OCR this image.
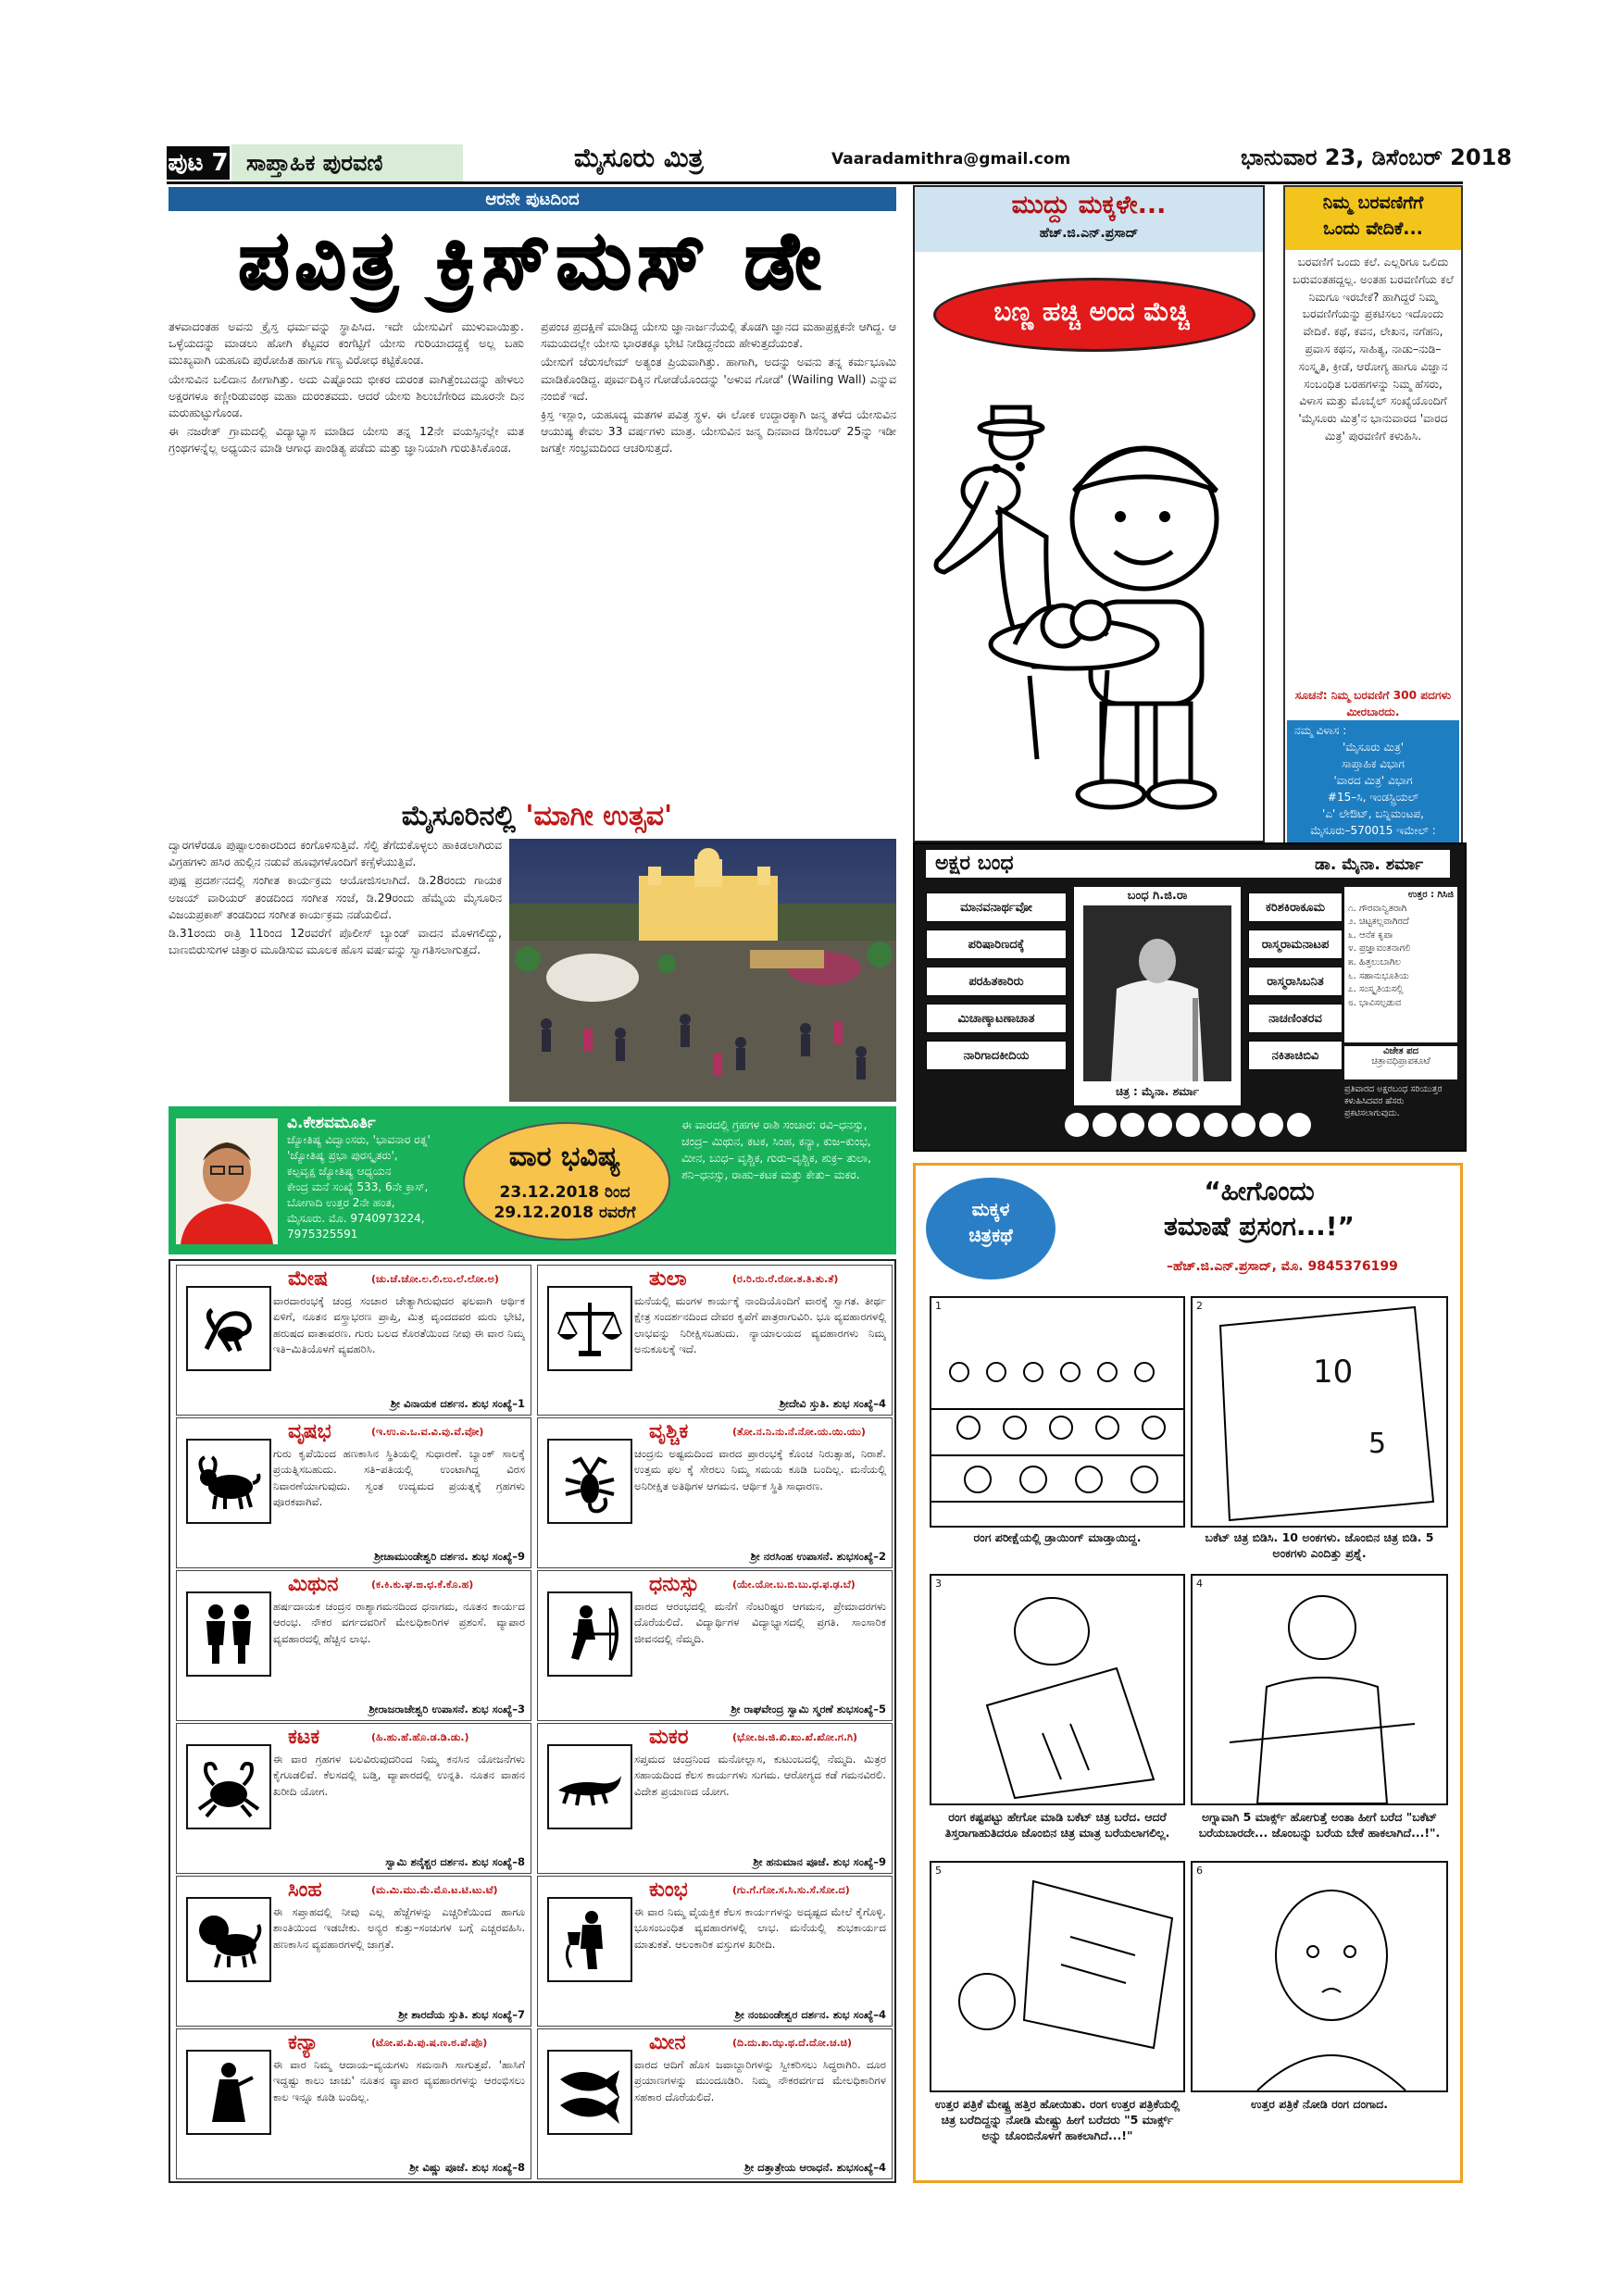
ಪುಟ 7 ಸಾಪ್ತಾಹಿಕ ಪುರವಣಿ	ಮೈಸೂರು ಮಿತ್ರ	Vaaradamithra@gmail.com	ಭಾನುವಾರ 23, ಡಿಸೆಂಬರ್ 2018
ಆರನೇ ಪುಟದಿಂದ
ಪವಿತ್ರ ಕ್ರಿಸ್‌ಮಸ್ ಡೇ

ತಳವಾದಂತಹ ಅವನು ಕ್ರೈಸ್ತ ಧರ್ಮವನ್ನು ಸ್ಥಾಪಿಸಿದ. ಇದೇ ಯೇಸುವಿಗೆ ಮುಳುವಾಯಿತ್ತು. ಒಳ್ಳೆಯದನ್ನು ಮಾಡಲು ಹೋಗಿ ಕೆಟ್ಟವರ ಕಂಗೆಟ್ಟಿಗೆ ಯೇಸು ಗುರಿಯಾದದ್ದಕ್ಕೆ ಅಲ್ಲ ಬಹು ಮುಖ್ಯವಾಗಿ ಯಹೂದಿ ಪುರೋಹಿತ ಹಾಗೂ ಗಣ್ಯ ವಿರೋಧ ಕಟ್ಟಿಕೊಂಡ.

ಯೇಸುವಿನ ಬಲಿದಾನ ಹೀಗಾಗಿತ್ತು. ಅದು ಎಷ್ಟೊಂದು ಭೀಕರ ದುರಂತ ವಾಗಿತ್ತೆಂಬುದನ್ನು ಹೇಳಲು ಅಕ್ಷರಗಳೂ ಕಣ್ಣೀರಿಡುವಂಥ ಮಹಾ ದುರಂತವದು. ಆದರೆ ಯೇಸು ಶಿಲುಬೆಗೇರಿದ ಮೂರನೇ ದಿನ ಮರುಹುಟ್ಟುಗೊಂಡ.

ಈ ನಜರೇತ್ ಗ್ರಾಮದಲ್ಲಿ ವಿದ್ಯಾಭ್ಯಾಸ ಮಾಡಿದ ಯೇಸು ತನ್ನ 12ನೇ ವಯಸ್ಸಿನಲ್ಲೇ ಮತ ಗ್ರಂಥಗಳನ್ನೆಲ್ಲ ಅಧ್ಯಯನ ಮಾಡಿ ಆಗಾಧ ಪಾಂಡಿತ್ಯ ಪಡೆದು ಮತ್ತು ಜ್ಞಾನಿಯಾಗಿ ಗುರುತಿಸಿಕೊಂಡ.

ಪ್ರಪಂಚ ಪ್ರದಕ್ಷಿಣೆ ಮಾಡಿದ್ದ ಯೇಸು ಜ್ಞಾನಾರ್ಜನೆಯಲ್ಲಿ ತೊಡಗಿ ಜ್ಞಾನದ ಮಹಾಪ್ರಕ್ಷಕನೇ ಆಗಿದ್ದ. ಆ ಸಮಯದಲ್ಲೇ ಯೇಸು ಭಾರತಕ್ಕೂ ಭೇಟಿ ನೀಡಿದ್ದನೆಂದು ಹೇಳುತ್ತದೆಯಂತೆ.

ಯೇಸುಗೆ ಜೆರುಸಲೇಮ್ ಅತ್ಯಂತ ಪ್ರಿಯವಾಗಿತ್ತು. ಹಾಗಾಗಿ, ಅದನ್ನು ಅವನು ತನ್ನ ಕರ್ಮಭೂಮಿ ಮಾಡಿಕೊಂಡಿದ್ದ. ಪೂರ್ವದಿಕ್ಕಿನ ಗೋಡೆಯೊಂದನ್ನು 'ಅಳುವ ಗೋಡೆ' (Wailing Wall) ಎನ್ನುವ ನಂಬಿಕೆ ಇದೆ.

ಕ್ರಿಸ್ತ ಇಸ್ಲಾಂ, ಯಹೂದ್ಯ ಮತಗಳ ಪವಿತ್ರ ಸ್ಥಳ. ಈ ಲೋಕ ಉದ್ದಾರಕ್ಕಾಗಿ ಜನ್ಮ ತಳೆದ ಯೇಸುವಿನ ಆಯುಷ್ಯ ಕೇವಲ 33 ವರ್ಷಗಳು ಮಾತ್ರ. ಯೇಸುವಿನ ಜನ್ಮ ದಿನವಾದ ಡಿಸೆಂಬರ್ 25ನ್ನು ಇಡೀ ಜಗತ್ತೇ ಸಂಭ್ರಮದಿಂದ ಆಚರಿಸುತ್ತದೆ.

ಮೈಸೂರಿನಲ್ಲಿ 'ಮಾಗೀ ಉತ್ಸವ'

ದ್ವಾರಗಳೆರಡೂ ಪುಷ್ಪಾಲಂಕಾರದಿಂದ ಕಂಗೊಳಿಸುತ್ತಿವೆ. ಸೆಲ್ಫಿ ತೆಗೆದುಕೊಳ್ಳಲು ಹಾಕಿಡಲಾಗಿರುವ ವಿಗ್ರಹಗಳು ಹಸಿರ ಹುಲ್ಲಿನ ನಡುವೆ ಹೂವುಗಳೊಂದಿಗೆ ಕಣ್ಸೆಳೆಯುತ್ತಿವೆ.

ಪುಷ್ಪ ಪ್ರದರ್ಶನದಲ್ಲಿ ಸಂಗೀತ ಕಾರ್ಯಕ್ರಮ ಆಯೋಜಿಸಲಾಗಿದೆ. ಡಿ.28ರಂದು ಗಾಯಕ ಅಜಯ್ ವಾರಿಯರ್ ತಂಡದಿಂದ ಸಂಗೀತ ಸಂಜೆ, ಡಿ.29ರಂದು ಹೆಮ್ಮೆಯ ಮೈಸೂರಿನ ವಿಜಯಪ್ರಕಾಶ್ ತಂಡದಿಂದ ಸಂಗೀತ ಕಾರ್ಯಕ್ರಮ ನಡೆಯಲಿದೆ.

ಡಿ.31ರಂದು ರಾತ್ರಿ 11ರಿಂದ 12ರವರೆಗೆ ಪೊಲೀಸ್ ಬ್ಯಾಂಡ್ ವಾದನ ಮೊಳಗಲಿದ್ದು, ಬಾಣಬಿರುಸುಗಳ ಚಿತ್ತಾರ ಮೂಡಿಸುವ ಮೂಲಕ ಹೊಸ ವರ್ಷವನ್ನು ಸ್ವಾಗತಿಸಲಾಗುತ್ತದೆ.

ವಿ.ಕೇಶವಮೂರ್ತಿ
ಜ್ಯೋತಿಷ್ಯ ವಿದ್ವಾಂಸರು, 'ಭಾವನಾರ ರತ್ನ'
'ಜ್ಯೋತಿಷ್ಯ ಪ್ರಭಾ ಪುರಸ್ಕೃತರು',
ಕಲ್ಪವೃಕ್ಷ ಜ್ಯೋತಿಷ್ಯ ಆಧ್ಯಯನ
ಕೇಂದ್ರ ಮನೆ ಸಂಖ್ಯೆ 533, 6ನೇ ಕ್ರಾಸ್,
ಬೋಗಾದಿ ಉತ್ತರ 2ನೇ ಹಂತ,
ಮೈಸೂರು. ಮೊ. 9740973224,
7975325591
ವಾರ ಭವಿಷ್ಯ
23.12.2018 ರಿಂದ
29.12.2018 ರವರೆಗೆ
ಈ ವಾರದಲ್ಲಿ ಗ್ರಹಗಳ ರಾಶಿ ಸಂಚಾರ: ರವಿ–ಧನಸ್ಸು, ಚಂದ್ರ– ಮಿಥುನ, ಕಟಕ, ಸಿಂಹ, ಕನ್ಯಾ, ಕುಜ–ಕುಂಭ, ಮೀನ, ಬುಧ– ವೃಶ್ಚಿಕ, ಗುರು–ವೃಶ್ಚಿಕ, ಶುಕ್ರ– ತುಲಾ, ಶನಿ–ಧನಸ್ಸು, ರಾಹು–ಕಟಕ ಮತ್ತು ಕೇತು– ಮಕರ.
ಮೇಷ	(ಚು.ಚೆ.ಚೋ.ಲ.ಲಿ.ಲು.ಲೆ.ಲೋ.ಅ)
ವಾರದಾರಂಭಕ್ಕೆ ಚಂದ್ರ ಸಂಚಾರ ಚೇತ್ಯಾಗಿರುವುದರ ಫಲವಾಗಿ ಆರ್ಥಿಕ ಏಳಿಗೆ, ನೂತನ ವಸ್ತ್ರಾಭರಣ ಪ್ರಾಪ್ತಿ, ಮಿತ್ರ ವೃಂದದವರ ಮರು ಭೇಟಿ, ಹರುಷದ ವಾತಾವರಣ. ಗುರು ಬಲದ ಕೊರತೆಯಿಂದ ನೀವು ಈ ವಾರ ನಿಮ್ಮ ಇತಿ–ಮಿತಿಯೊಳಗೆ ವ್ಯವಹರಿಸಿ.
ಶ್ರೀ ವಿನಾಯಕ ದರ್ಶನ. ಶುಭ ಸಂಖ್ಯೆ–1
ತುಲಾ	(ರ.ರಿ.ರು.ರೆ.ರೋ.ತ.ತಿ.ತು.ತೆ)
ಮನೆಯಲ್ಲಿ ಮಂಗಳ ಕಾರ್ಯಕ್ಕೆ ನಾಂದಿಯೊಂದಿಗೆ ವಾರಕ್ಕೆ ಸ್ವಾಗತ. ತೀರ್ಥ ಕ್ಷೇತ್ರ ಸಂದರ್ಶನದಿಂದ ದೇವರ ಕೃಪೆಗೆ ಪಾತ್ರರಾಗುವಿರಿ. ಭೂ ವ್ಯವಹಾರಗಳಲ್ಲಿ ಲಾಭವನ್ನು ನಿರೀಕ್ಷಿಸಬಹುದು. ನ್ಯಾಯಾಲಯದ ವ್ಯವಹಾರಗಳು ನಿಮ್ಮ ಅನುಕೂಲಕ್ಕೆ ಇದೆ.
ಶ್ರೀದೇವಿ ಸ್ತುತಿ. ಶುಭ ಸಂಖ್ಯೆ–4
ವೃಷಭ	(ಇ.ಉ.ಎ.ಒ.ವ.ವಿ.ವು.ವೆ.ವೋ)
ಗುರು ಕೃಪೆಯಿಂದ ಹಣಕಾಸಿನ ಸ್ಥಿತಿಯಲ್ಲಿ ಸುಧಾರಣೆ. ಬ್ಯಾಂಕ್ ಸಾಲಕ್ಕೆ ಪ್ರಯತ್ನಿಸಬಹುದು. ಸತಿ–ಪತಿಯಲ್ಲಿ ಉಂಟಾಗಿದ್ದ ವಿರಸ ನಿವಾರಣೆಯಾಗುವುದು. ಸ್ವಂತ ಉದ್ಯಮದ ಪ್ರಯತ್ನಕ್ಕೆ ಗ್ರಹಗಳು ಪೂರಕವಾಗಿವೆ.
ಶ್ರೀಚಾಮುಂಡೇಶ್ವರಿ ದರ್ಶನ. ಶುಭ ಸಂಖ್ಯೆ–9
ವೃಶ್ಚಿಕ	(ತೋ.ನ.ನಿ.ನು.ನೆ.ನೋ.ಯ.ಯಿ.ಯು)
ಚಂದ್ರನು ಅಷ್ಟಮದಿಂದ ವಾರದ ಪ್ರಾರಂಭಕ್ಕೆ ಕೊಂಚ ನಿರುತ್ಸಾಹ, ನಿರಾಶೆ. ಉತ್ತಮ ಫಲ ಕ್ಕೆ ಸೇರಲು ನಿಮ್ಮ ಸಮಯ ಕೂಡಿ ಬಂದಿಲ್ಲ. ಮನೆಯಲ್ಲಿ ಅನಿರೀಕ್ಷಿತ ಅತಿಥಿಗಳ ಆಗಮನ. ಆರ್ಥಿಕ ಸ್ಥಿತಿ ಸಾಧಾರಣ.
ಶ್ರೀ ನರಸಿಂಹ ಉಪಾಸನೆ. ಶುಭಸಂಖ್ಯೆ–2
ಮಿಥುನ	(ಕ.ಕಿ.ಕು.ಘ.ಙ.ಛ.ಕೆ.ಕೊ.ಹ)
ಹರ್ಷದಾಯಕ ಚಂದ್ರನ ರಾಶ್ಯಾಗಮನದಿಂದ ಧನಾಗಮ, ನೂತನ ಕಾರ್ಯದ ಆರಂಭ. ನೌಕರ ವರ್ಗದವರಿಗೆ ಮೇಲಧಿಕಾರಿಗಳ ಪ್ರಶಂಸೆ. ವ್ಯಾಪಾರ ವ್ಯವಹಾರದಲ್ಲಿ ಹೆಚ್ಚಿನ ಲಾಭ.
ಶ್ರೀರಾಜರಾಜೇಶ್ವರಿ ಉಪಾಸನೆ. ಶುಭ ಸಂಖ್ಯೆ–3
ಧನುಸ್ಸು	(ಯೇ.ಯೋ.ಬ.ಬಿ.ಬು.ಧ.ಫ.ಢ.ಬೆ)
ವಾರದ ಆರಂಭದಲ್ಲಿ ಮನೆಗೆ ನೆಂಟರಿಷ್ಟರ ಆಗಮನ, ಪ್ರೇಮಾದರಗಳು ದೊರೆಯಲಿದೆ. ವಿದ್ಯಾರ್ಥಿಗಳ ವಿದ್ಯಾಭ್ಯಾಸದಲ್ಲಿ ಪ್ರಗತಿ. ಸಾಂಸಾರಿಕ ಜೀವನದಲ್ಲಿ ನೆಮ್ಮದಿ.
ಶ್ರೀ ರಾಘವೇಂದ್ರ ಸ್ವಾಮಿ ಸ್ಮರಣೆ ಶುಭಸಂಖ್ಯೆ–5
ಕಟಕ	(ಹಿ.ಹು.ಹೆ.ಹೊ.ಡ.ಡಿ.ಡು.)
ಈ ವಾರ ಗ್ರಹಗಳ ಬಲವಿರುವುದರಿಂದ ನಿಮ್ಮ ಕನಸಿನ ಯೋಜನೆಗಳು ಕೈಗೂಡಲಿವೆ. ಕೆಲಸದಲ್ಲಿ ಬಡ್ತಿ, ವ್ಯಾಪಾರದಲ್ಲಿ ಉನ್ನತಿ. ನೂತನ ವಾಹನ ಖರೀದಿ ಯೋಗ.
ಸ್ವಾಮಿ ಶನೈಶ್ಚರ ದರ್ಶನ. ಶುಭ ಸಂಖ್ಯೆ–8
ಮಕರ	(ಭೋ.ಜ.ಜಿ.ಖಿ.ಖು.ಖೆ.ಖೋ.ಗ.ಗಿ)
ಸಪ್ತಮದ ಚಂದ್ರನಿಂದ ಮನೋಲ್ಲಾಸ, ಕುಟುಂಬದಲ್ಲಿ ನೆಮ್ಮದಿ. ಮಿತ್ರರ ಸಹಾಯದಿಂದ ಕೆಲಸ ಕಾರ್ಯಗಳು ಸುಗಮ. ಆರೋಗ್ಯದ ಕಡೆ ಗಮನವಿರಲಿ. ವಿದೇಶ ಪ್ರಯಾಣದ ಯೋಗ.
ಶ್ರೀ ಹನುಮಾನ ಪೂಜೆ. ಶುಭ ಸಂಖ್ಯೆ–9
ಸಿಂಹ	(ಮ.ಮಿ.ಮು.ಮೆ.ಮೊ.ಟ.ಟಿ.ಟು.ಟೆ)
ಈ ಸಪ್ತಾಹದಲ್ಲಿ ನೀವು ಎಲ್ಲ ಹೆಜ್ಜೆಗಳನ್ನು ಎಚ್ಚರಿಕೆಯಿಂದ ಹಾಗೂ ಶಾಂತಿಯಿಂದ ಇಡಬೇಕು. ಅನ್ಯರ ಕುತ್ತು–ಸಂಚುಗಳ ಬಗ್ಗೆ ಎಚ್ಚರವಹಿಸಿ. ಹಣಕಾಸಿನ ವ್ಯವಹಾರಗಳಲ್ಲಿ ಜಾಗ್ರತೆ.
ಶ್ರೀ ಶಾರದೆಯ ಸ್ತುತಿ. ಶುಭ ಸಂಖ್ಯೆ–7
ಕುಂಭ	(ಗು.ಗೆ.ಗೋ.ಸ.ಸಿ.ಸು.ಸೆ.ಸೋ.ದ)
ಈ ವಾರ ನಿಮ್ಮ ವೈಯಕ್ತಿಕ ಕೆಲಸ ಕಾರ್ಯಗಳನ್ನು ಅದೃಷ್ಟದ ಮೇಲೆ ಕೈಗೊಳ್ಳಿ. ಭೂಸಂಬಂಧಿತ ವ್ಯವಹಾರಗಳಲ್ಲಿ ಲಾಭ. ಮನೆಯಲ್ಲಿ ಶುಭಕಾರ್ಯದ ಮಾತುಕತೆ. ಆಲಂಕಾರಿಕ ವಸ್ತುಗಳ ಖರೀದಿ.
ಶ್ರೀ ನಂಜುಂಡೇಶ್ವರ ದರ್ಶನ. ಶುಭ ಸಂಖ್ಯೆ–4
ಕನ್ಯಾ	(ಟೋ.ಪ.ಪಿ.ಪು.ಷ.ಣ.ಠ.ಪೆ.ಪೊ)
ಈ ವಾರ ನಿಮ್ಮ ಆದಾಯ–ವ್ಯಯಗಳು ಸಮನಾಗಿ ಸಾಗುತ್ತವೆ. 'ಹಾಸಿಗೆ ಇದ್ದಷ್ಟು ಕಾಲು ಚಾಚು' ನೂತನ ವ್ಯಾಪಾರ ವ್ಯವಹಾರಗಳನ್ನು ಆರಂಭಿಸಲು ಕಾಲ ಇನ್ನೂ ಕೂಡಿ ಬಂದಿಲ್ಲ.
ಶ್ರೀ ವಿಷ್ಣು ಪೂಜೆ. ಶುಭ ಸಂಖ್ಯೆ–8
ಮೀನ	(ದಿ.ದು.ಖ.ಝ.ಥ.ದೆ.ದೋ.ಚ.ಚಿ)
ವಾರದ ಆದಿಗೆ ಹೊಸ ಜವಾಬ್ದಾರಿಗಳನ್ನು ಸ್ವೀಕರಿಸಲು ಸಿದ್ಧರಾಗಿರಿ. ದೂರ ಪ್ರಯಾಣಗಳನ್ನು ಮುಂದೂಡಿರಿ. ನಿಮ್ಮ ನೌಕರವರ್ಗದ ಮೇಲಧಿಕಾರಿಗಳ ಸಹಕಾರ ದೊರೆಯಲಿದೆ.
ಶ್ರೀ ದತ್ತಾತ್ರೇಯ ಆರಾಧನೆ. ಶುಭಸಂಖ್ಯೆ–4
ಮುದ್ದು ಮಕ್ಕಳೇ...
ಹೆಚ್.ಜಿ.ಎನ್.ಪ್ರಸಾದ್
ಬಣ್ಣ ಹಚ್ಚಿ ಅಂದ ಮೆಚ್ಚಿ
ನಿಮ್ಮ ಬರವಣಿಗೆಗೆ
ಒಂದು ವೇದಿಕೆ...
ಬರವಣಿಗೆ ಒಂದು ಕಲೆ. ಎಲ್ಲರಿಗೂ ಒಲಿದು ಬರುವಂತಹದ್ದಲ್ಲ. ಅಂತಹ ಬರವಣಿಗೆಯ ಕಲೆ ನಿಮಗೂ ಇರಬೇಕೆ? ಹಾಗಿದ್ದರೆ ನಿಮ್ಮ ಬರವಣಿಗೆಯನ್ನು ಪ್ರಕಟಿಸಲು ಇದೊಂದು ವೇದಿಕೆ. ಕಥೆ, ಕವನ, ಲೇಖನ, ನಗೆಹನಿ, ಪ್ರವಾಸ ಕಥನ, ಸಾಹಿತ್ಯ, ನಾಡು–ನುಡಿ–ಸಂಸ್ಕೃತಿ, ಕ್ರೀಡೆ, ಆರೋಗ್ಯ ಹಾಗೂ ವಿಜ್ಞಾನ ಸಂಬಂಧಿತ ಬರಹಗಳನ್ನು ನಿಮ್ಮ ಹೆಸರು, ವಿಳಾಸ ಮತ್ತು ಮೊಬೈಲ್ ಸಂಖ್ಯೆಯೊಂದಿಗೆ 'ಮೈಸೂರು ಮಿತ್ರ'ನ ಭಾನುವಾರದ 'ವಾರದ ಮಿತ್ರ' ಪುರವಣಿಗೆ ಕಳುಹಿಸಿ.
ಸೂಚನೆ: ನಿಮ್ಮ ಬರವಣಿಗೆ 300 ಪದಗಳು ಮೀರಬಾರದು.
ನಮ್ಮ ವಿಳಾಸ :
'ಮೈಸೂರು ಮಿತ್ರ'
ಸಾಪ್ತಾಹಿಕ ವಿಭಾಗ
'ವಾರದ ಮಿತ್ರ' ವಿಭಾಗ
#15–ಸಿ, ಇಂಡಸ್ಟ್ರಿಯಲ್
'ಎ' ಲೇಔಟ್, ಬನ್ನಿಮಂಟಪ,
ಮೈಸೂರು–570015 ಇಮೇಲ್ :
ಅಕ್ಷರ ಬಂಧ	ಡಾ. ಮೈನಾ. ಶರ್ಮಾ
ಮಾನವನಾರ್ಥವೋ
ಪರಿಷಾರಿಣದಕ್ಕೆ
ಪರಹಿತಕಾರಿರು
ಮಿಚಾಣ್ಕಾಟಣಾಚಾತ
ನಾರಿಗಾದಕೀದಿಯ
ಕರಿಶಕಿರಾಕೂಮ
ರಾಸ್ಮರಾಮನಾಟಪ
ರಾಸ್ಮರಾಸಿಬನಿತ
ನಾಚಣಿಂತರವ
ನಕಿತಾಚಿಬಿವಿ
ಬಂಧ ಗಿ.ಜಿ.ರಾ
ಚಿತ್ರ : ಮೈನಾ. ಶರ್ಮಾ
ಉತ್ತರ : ಗಿಸಿಜಿ
೧. ಗೌರವಾನ್ವಿತರಾಗಿ
೨. ಚಿಟ್ಟಕಲ್ಲವಾಗಿರದೆ
೩. ಆನೆಕ ಕೃಪಾ
೪. ಪ್ರಜ್ಞಾವಂತನಾಗಲಿ
೫. ಹಿತ್ತಲುಬಾಗಿಲ
೬. ಸಹಾನುಭೂತಿಯ
೭. ಸಂಸ್ಕೃತಿಯಸಲ್ಲಿ
೮. ಭಾವಿಸಲ್ಪಡುವ
ವಿಜೇತ ಪದ
ಚಿತ್ರಾವಧಿಪ್ರಾಪಕೂಟೆ
ಪ್ರತಿವಾರದ ಅಕ್ಷರಬಂಧ ಸರಿಯುತ್ತರ ಕಳುಹಿಸಿದವರ ಹೆಸರು ಪ್ರಕಟಿಸಲಾಗುವುದು.
ಮಕ್ಕಳ
ಚಿತ್ರಕಥೆ
“ಹೀಗೊಂದು
ತಮಾಷೆ ಪ್ರಸಂಗ...!”
–ಹೆಚ್.ಜಿ.ಎನ್.ಪ್ರಸಾದ್, ಮೊ. 9845376199
1	2
10
5
ರಂಗ ಪರೀಕ್ಷೆಯಲ್ಲಿ ಡ್ರಾಯಿಂಗ್ ಮಾಡ್ತಾಯಿದ್ದ.	ಬಕೆಟ್ ಚಿತ್ರ ಬಿಡಿಸಿ. 10 ಅಂಕಗಳು. ಜೊಂಬಿನ ಚಿತ್ರ ಬಿಡಿ. 5 ಅಂಕಗಳು ಎಂದಿತ್ತು ಪ್ರಶ್ನೆ.
3	4
ರಂಗ ಕಷ್ಟಪಟ್ಟು ಹೇಗೋ ಮಾಡಿ ಬಕೆಟ್ ಚಿತ್ರ ಬರೆದ. ಆದರೆ ತಿಸ್ತರಾಗಾಹುತಿದರೂ ಜೊಂಬಿನ ಚಿತ್ರ ಮಾತ್ರ ಬರೆಯಲಾಗಲಿಲ್ಲ.
ಅಗ್ನಾವಾಗಿ 5 ಮಾರ್ಕ್ಸ್ ಹೋಗುತ್ತೆ ಅಂತಾ ಹೀಗೆ ಬರೆದ "ಬಕೆಟ್ ಬರೆಯಬಾರದೇ... ಜೊಂಬನ್ನು ಬರೆಯ ಬೇಕೆ ಹಾಕಲಾಗಿದೆ...!".
5	6
ಉತ್ತರ ಪತ್ರಿಕೆ ಮೇಷ್ಟ್ರ ಹತ್ತಿರ ಹೋಯಿತು. ರಂಗ ಉತ್ತರ ಪತ್ರಿಕೆಯಲ್ಲಿ ಚಿತ್ರ ಬರೆದಿದ್ದನ್ನು ನೋಡಿ ಮೇಷ್ಟ್ರು ಹೀಗೆ ಬರೆದರು "5 ಮಾರ್ಕ್ಸ್ ಅನ್ನು ಚೊಂಬಿನೊಳಗೆ ಹಾಕಲಾಗಿದೆ...!"
ಉತ್ತರ ಪತ್ರಿಕೆ ನೋಡಿ ರಂಗ ದಂಗಾದ.
